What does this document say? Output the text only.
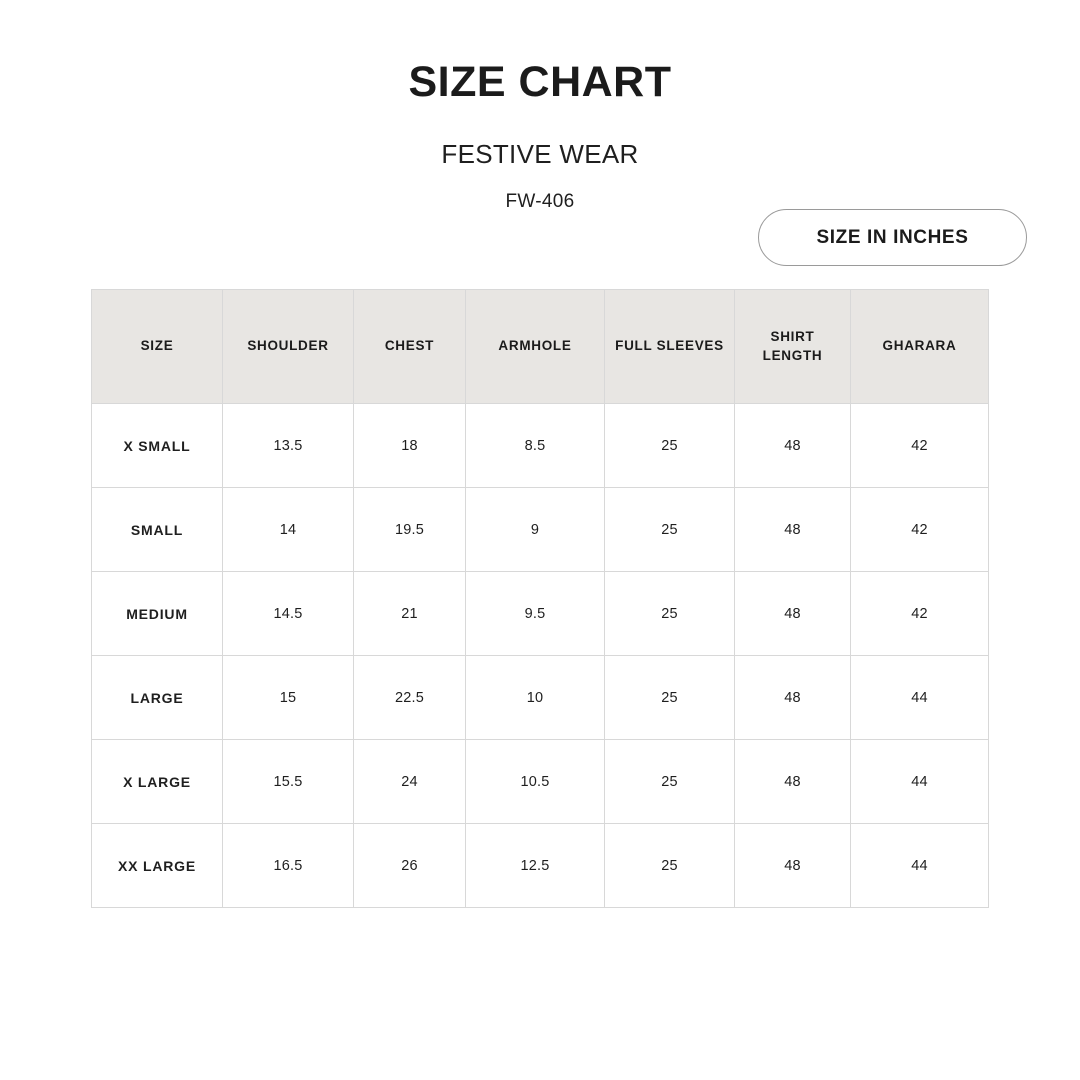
SIZE CHART
FESTIVE WEAR
FW-406
SIZE IN INCHES
SIZE	SHOULDER	CHEST	ARMHOLE	FULL SLEEVES	SHIRT LENGTH	GHARARA
X SMALL	13.5	18	8.5	25	48	42
SMALL	14	19.5	9	25	48	42
MEDIUM	14.5	21	9.5	25	48	42
LARGE	15	22.5	10	25	48	44
X LARGE	15.5	24	10.5	25	48	44
XX LARGE	16.5	26	12.5	25	48	44
